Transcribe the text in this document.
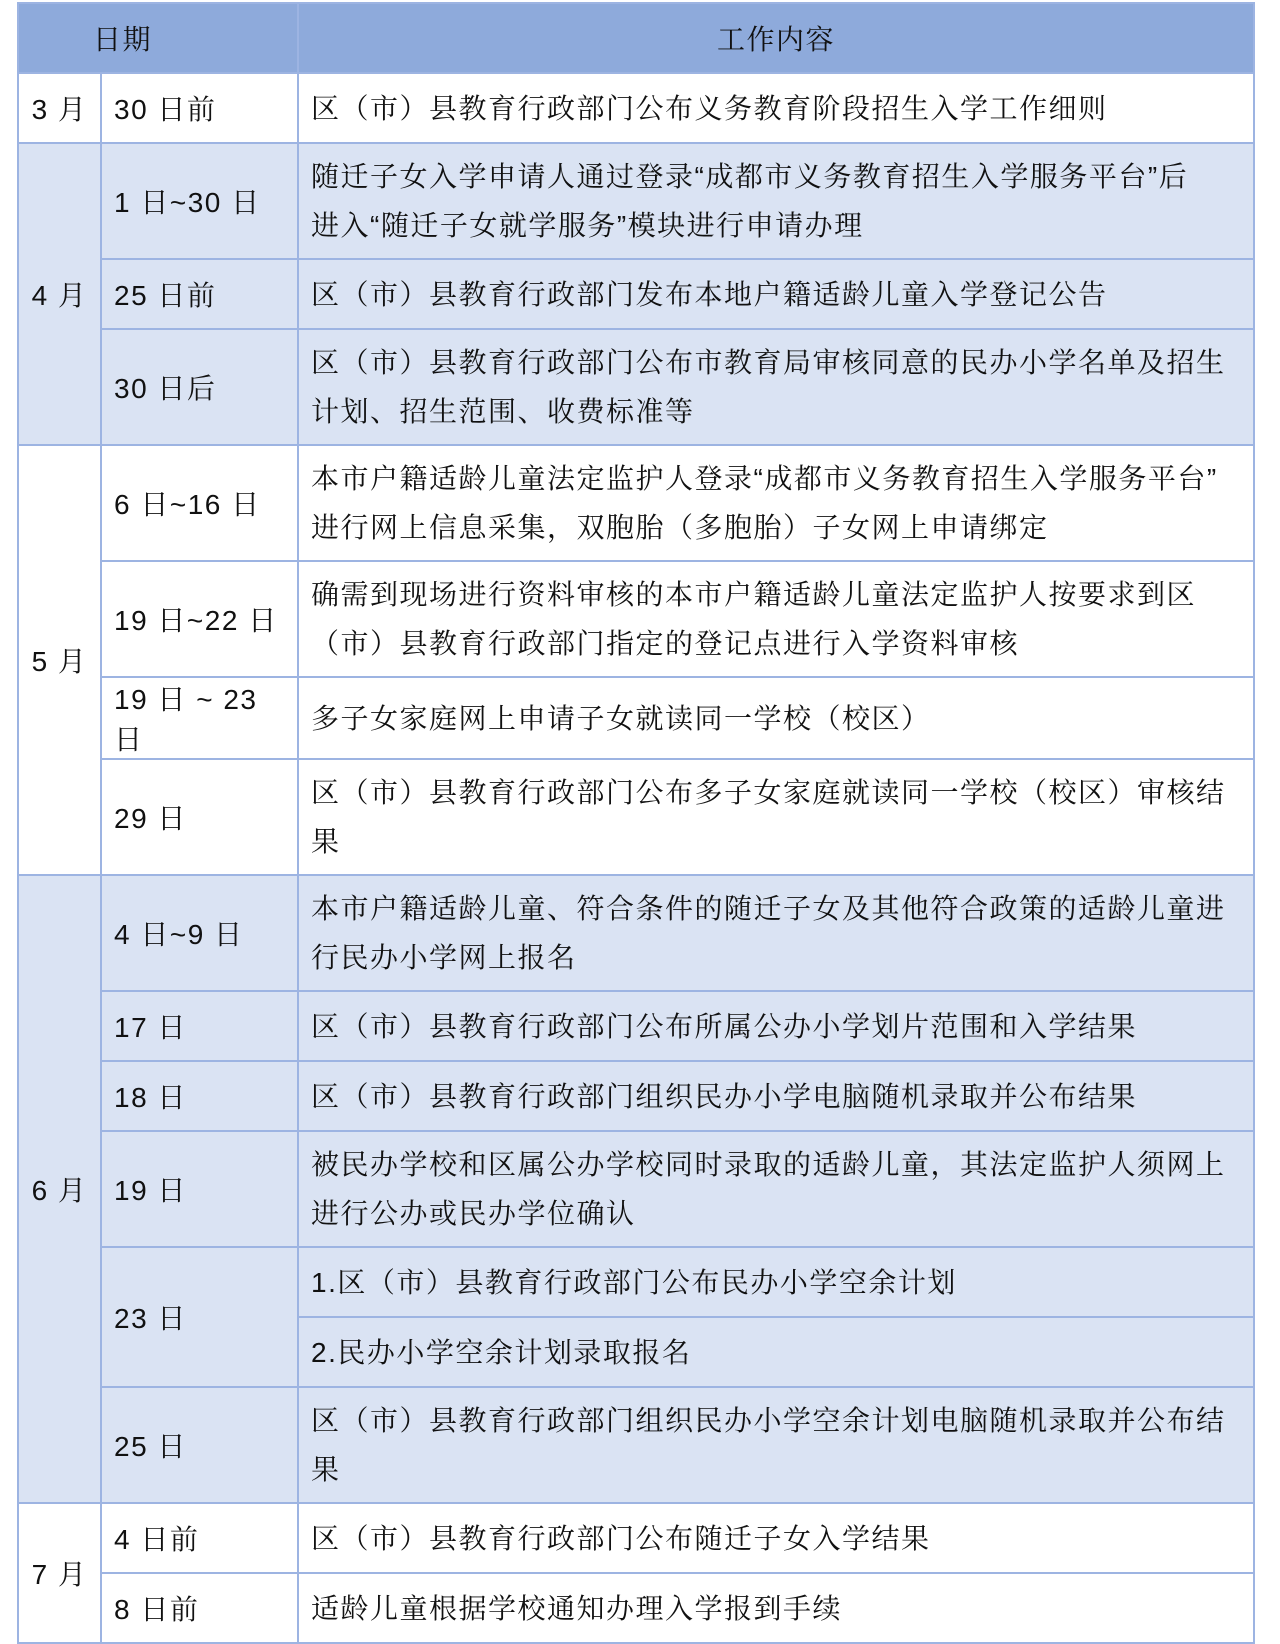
日期		工作内容
3 月	30 日前	区（市）县教育行政部门公布义务教育阶段招生入学工作细则

4 月	1 日~30 日	随迁子女入学申请人通过登录“成都市义务教育招生入学服务平台”后
进入“随迁子女就学服务”模块进行申请办理

	25 日前	区（市）县教育行政部门发布本地户籍适龄儿童入学登记公告

	30 日后	区（市）县教育行政部门公布市教育局审核同意的民办小学名单及招生
计划、招生范围、收费标准等

5 月	6 日~16 日	本市户籍适龄儿童法定监护人登录“成都市义务教育招生入学服务平台”
进行网上信息采集，双胞胎（多胞胎）子女网上申请绑定

	19 日~22 日	确需到现场进行资料审核的本市户籍适龄儿童法定监护人按要求到区
（市）县教育行政部门指定的登记点进行入学资料审核

	19 日 ~ 23 日	多子女家庭网上申请子女就读同一学校（校区）

	29 日	区（市）县教育行政部门公布多子女家庭就读同一学校（校区）审核结
果

6 月	4 日~9 日	本市户籍适龄儿童、符合条件的随迁子女及其他符合政策的适龄儿童进
行民办小学网上报名

	17 日	区（市）县教育行政部门公布所属公办小学划片范围和入学结果

	18 日	区（市）县教育行政部门组织民办小学电脑随机录取并公布结果

	19 日	被民办学校和区属公办学校同时录取的适龄儿童，其法定监护人须网上
进行公办或民办学位确认

	23 日	1.区（市）县教育行政部门公布民办小学空余计划

		2.民办小学空余计划录取报名

	25 日	区（市）县教育行政部门组织民办小学空余计划电脑随机录取并公布结
果

7 月	4 日前	区（市）县教育行政部门公布随迁子女入学结果

	8 日前	适龄儿童根据学校通知办理入学报到手续
